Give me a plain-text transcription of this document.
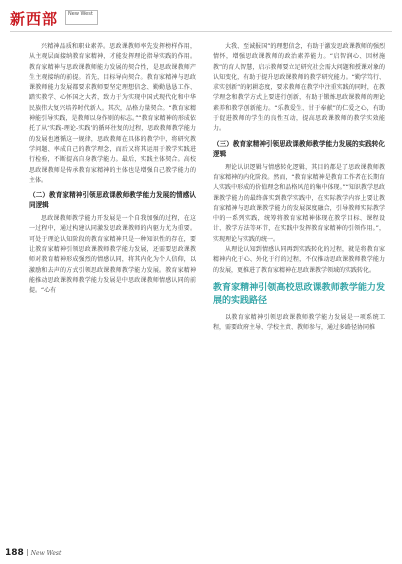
新西部	New West

兴精神品质和职业素养。思政课教师率先发挥榜样作用，从主观层面接纳教育家精神，才能发挥理论指导实践的作用。教育家精神与思政课教师能力发展的契合性，是思政课教师产生主观接纳的前提。首先，目标导向契合。教育家精神与思政课教师能力发展都要求教师要坚定理想信念、勤勤恳恳工作、踏实教学、心怀国之大者，致力于为实现中国式现代化和中华民族伟大复兴培养时代新人。其次，品格力量契合。“教育家精神能引导实践，是教师以身作则的标志。”“教育家精神的形成依托了从‘实践-理论-实践’的循环往复的过程，思政教师教学能力的发展也遵循这一规律，思政教师在具体的教学中，将研究教学问题、率成自己的教学理念，而后又将其运用于教学实践进行检验，不断提高自身教学能力。最后，实践主体契合。高校思政课教师是传承教育家精神的主体也是增强自己教学能力的主体。

（二）教育家精神引领思政课教师教学能力发展的情感认同逻辑

思政课教师教学能力开发展是一个自我加强的过程，在这一过程中，通过构建认同激发思政课教师的内驱力尤为重要。可处于理论认知阶段的教育家精神只是一种知识性的存在，要让教育家精神引领思政课教师教学能力发展，还需要思政课教师对教育精神形成强烈的情感认同，将其内化为个人信仰，以激励和去声的方式引领思政课教师教学能力发展。教育家精神能推动思政课教师教学能力发展是中思政课教师情感认同的前提。“心有

大我、至诚报国”的理想信念，有助于激发思政课教师的强烈情怀，增强思政课教师的政治素养能力。“启智润心、因材施教”的育人智慧，启示教师要立足研究社会需大问题和授课对象的认知变化，有助于提升思政课教师的教学研究能力。“勤学笃行、求实创新”的躬耕态度，要求教师在教学中注重实践的同时，在教学理念和教学方式上要进行创新，有助于锻炼思政课教师的理论素养和教学创新能力。“乐教爱生、甘于奉献”的仁爱之心，有助于促进教师的学生的良性互动，提高思政课教师的教学实效能力。

（三）教育家精神引领思政课教师教学能力发展的实践转化逻辑

理论认识逻辑与情感转化逻辑，其目的都是了思政课教师教育家精神的内化阶段。然而，“教育家精神是教育工作者在长期育人实践中形成的价值理念和品格风范的集中体现。”“知识教学思政课教学能力的最终落实到教学实践中，在实际教学内容上要让教育家精神与思政课教学能力的发展深度融合，引导教师实际教学中的一系列实践，统筹将教育家精神体现在教学目标、课程设计、教学方法等环节，在实践中发挥教育家精神的引领作用。”，实现理论与实践的统一。

从理论认知到情感认同再到实践转化的过程，就是将教育家精神内化于心、外化于行的过程，不仅推动思政课教师教学能力的发展，更推进了教育家精神在思政课教学领域的实践转化。

教育家精神引领高校思政课教师教学能力发展的实践路径

以教育家精神引领思政课教师教学能力发展是一项系统工程，需要政府主导、学校主责、教师参与，通过多路径协同推

188 New West
